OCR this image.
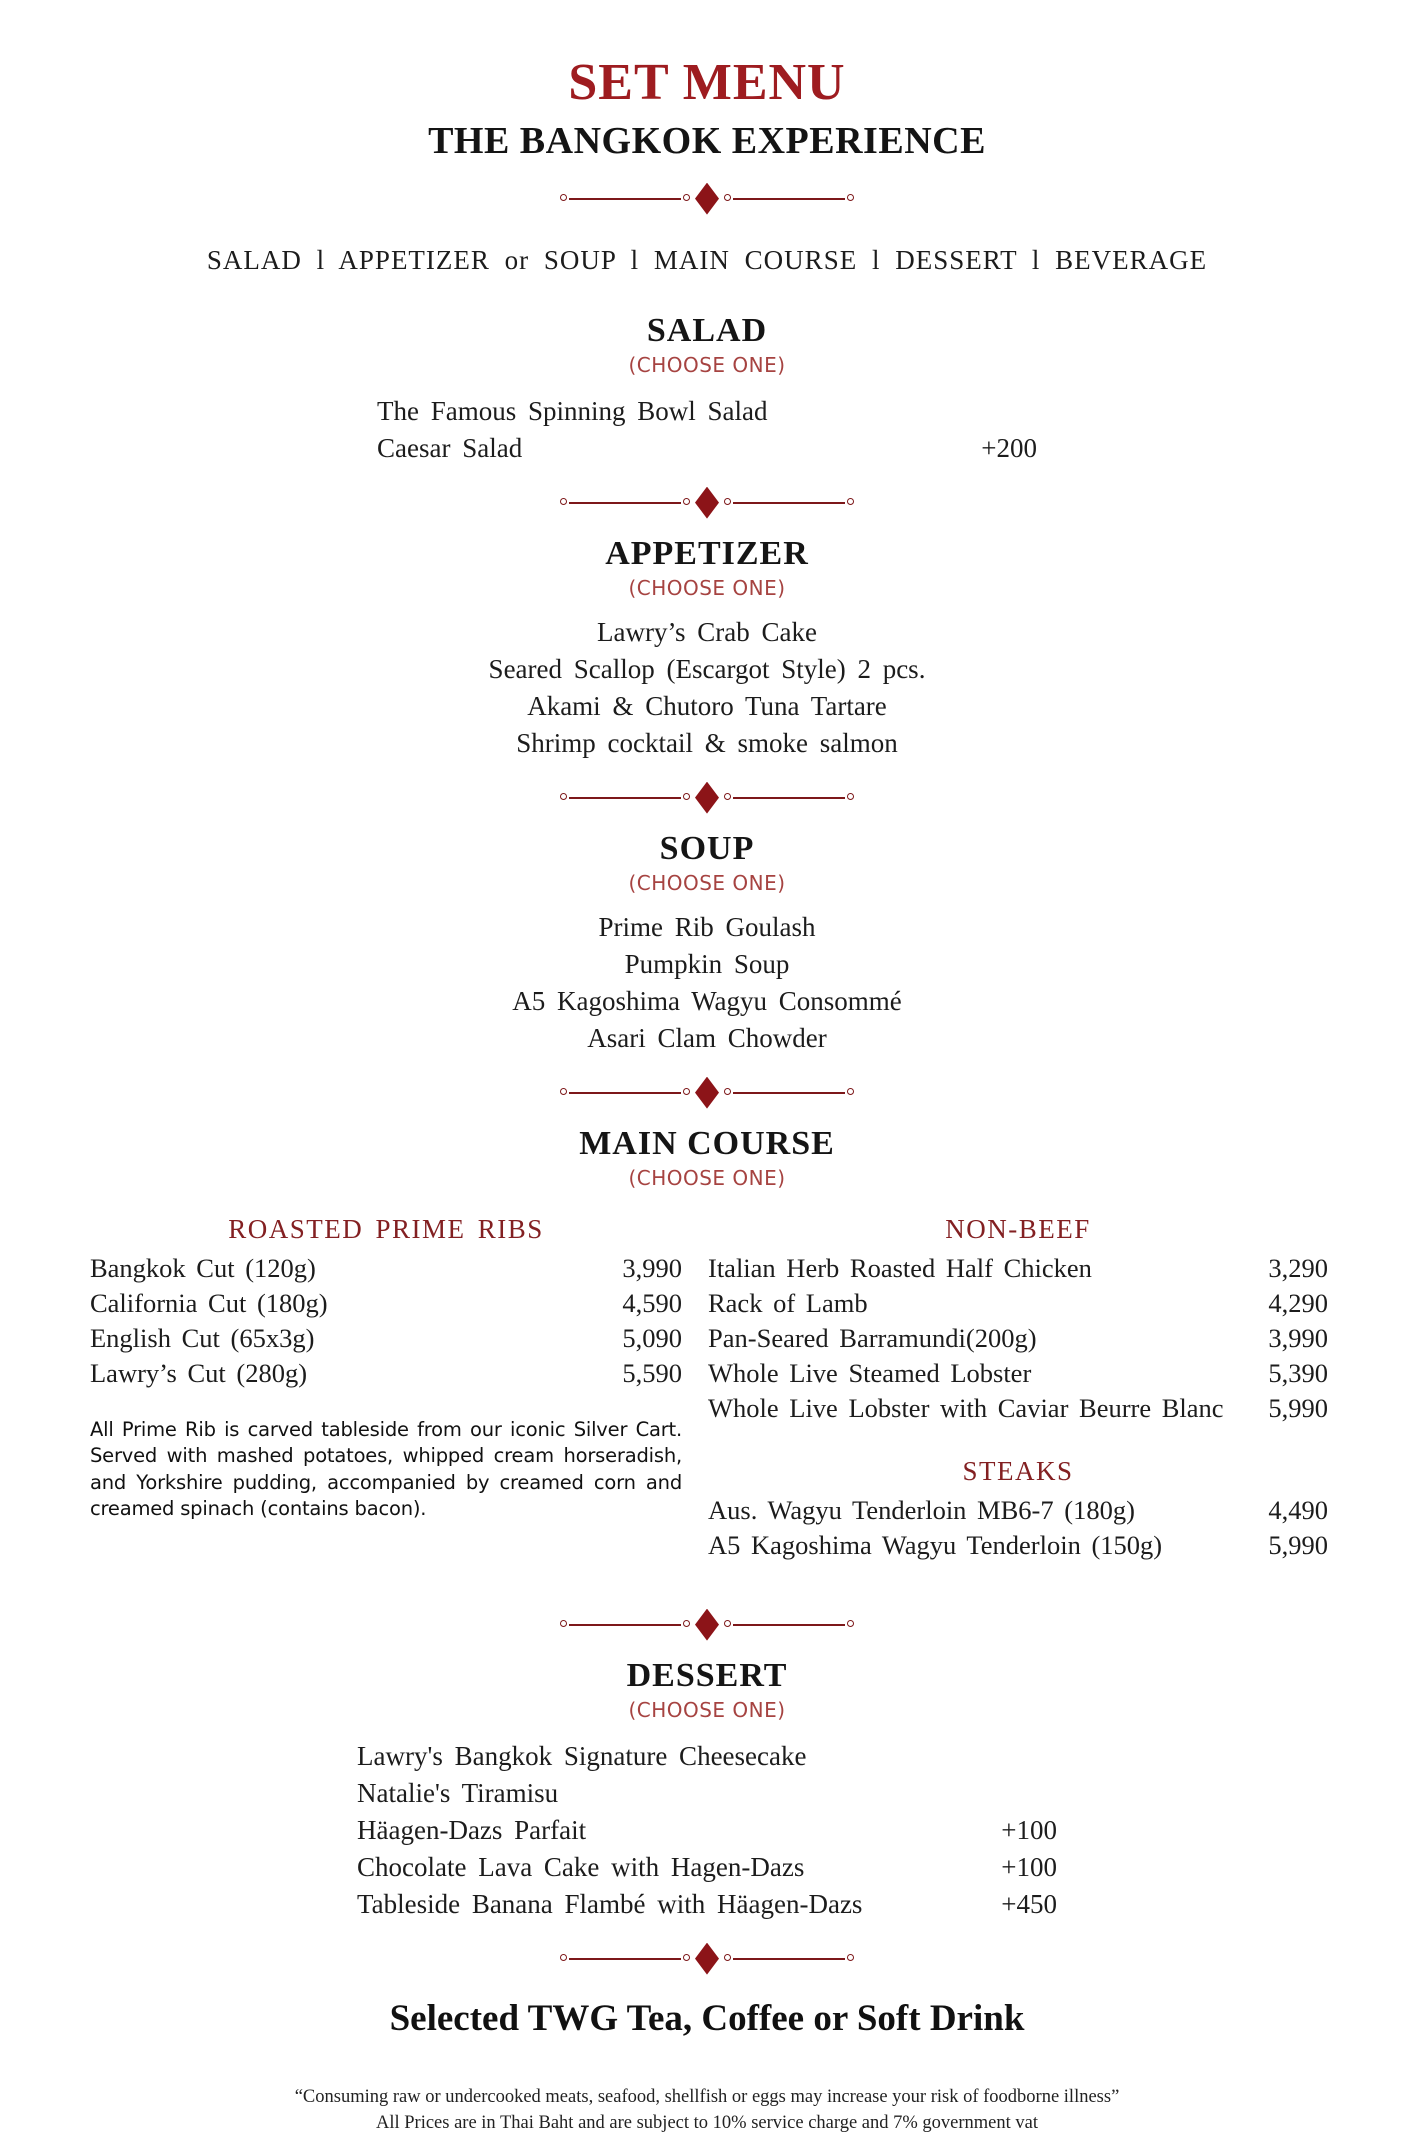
SET MENU
THE BANGKOK EXPERIENCE
SALAD l APPETIZER or SOUP l MAIN COURSE l DESSERT l BEVERAGE
SALAD
(CHOOSE ONE)
The Famous Spinning Bowl Salad
Caesar Salad	+200
APPETIZER
(CHOOSE ONE)
Lawry’s Crab Cake
Seared Scallop (Escargot Style) 2 pcs.
Akami & Chutoro Tuna Tartare
Shrimp cocktail & smoke salmon
SOUP
(CHOOSE ONE)
Prime Rib Goulash
Pumpkin Soup
A5 Kagoshima Wagyu Consommé
Asari Clam Chowder
MAIN COURSE
(CHOOSE ONE)
ROASTED PRIME RIBS
Bangkok Cut (120g)	3,990
California Cut (180g)	4,590
English Cut (65x3g)	5,090
Lawry’s Cut (280g)	5,590
All Prime Rib is carved tableside from our iconic Silver Cart. Served with mashed potatoes, whipped cream horseradish, and Yorkshire pudding, accompanied by creamed corn and creamed spinach (contains bacon).
NON-BEEF
Italian Herb Roasted Half Chicken	3,290
Rack of Lamb	4,290
Pan-Seared Barramundi(200g)	3,990
Whole Live Steamed Lobster	5,390
Whole Live Lobster with Caviar Beurre Blanc	5,990
STEAKS
Aus. Wagyu Tenderloin MB6-7 (180g)	4,490
A5 Kagoshima Wagyu Tenderloin (150g)	5,990
DESSERT
(CHOOSE ONE)
Lawry's Bangkok Signature Cheesecake
Natalie's Tiramisu
Häagen-Dazs Parfait	+100
Chocolate Lava Cake with Hagen-Dazs	+100
Tableside Banana Flambé with Häagen-Dazs	+450
Selected TWG Tea, Coffee or Soft Drink
“Consuming raw or undercooked meats, seafood, shellfish or eggs may increase your risk of foodborne illness”
All Prices are in Thai Baht and are subject to 10% service charge and 7% government vat
